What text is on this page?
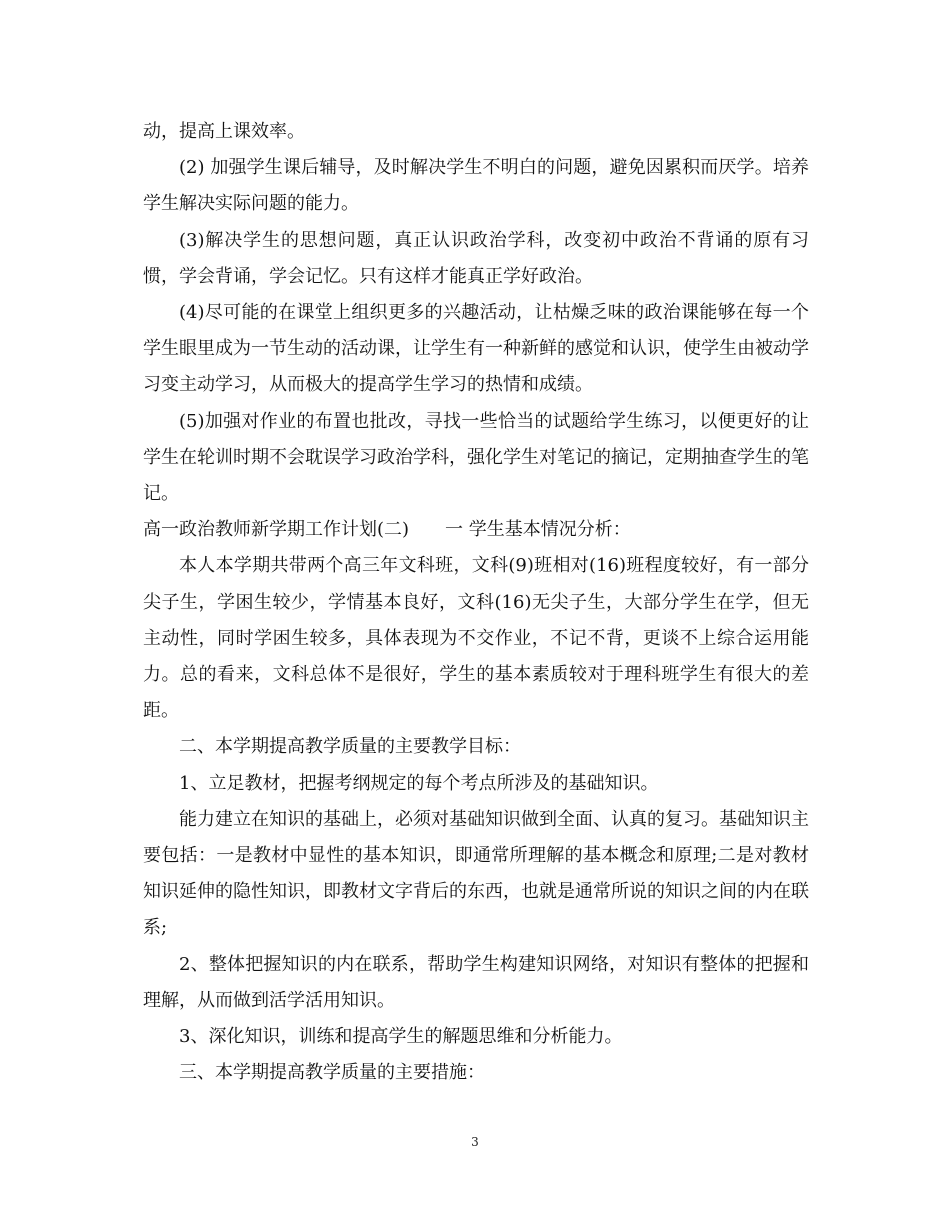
动，提高上课效率。

(2) 加强学生课后辅导，及时解决学生不明白的问题，避免因累积而厌学。培养学生解决实际问题的能力。

(3)解决学生的思想问题，真正认识政治学科，改变初中政治不背诵的原有习惯，学会背诵，学会记忆。只有这样才能真正学好政治。

(4)尽可能的在课堂上组织更多的兴趣活动，让枯燥乏味的政治课能够在每一个学生眼里成为一节生动的活动课，让学生有一种新鲜的感觉和认识，使学生由被动学习变主动学习，从而极大的提高学生学习的热情和成绩。

(5)加强对作业的布置也批改，寻找一些恰当的试题给学生练习，以便更好的让学生在轮训时期不会耽误学习政治学科，强化学生对笔记的摘记，定期抽查学生的笔记。

高一政治教师新学期工作计划(二)　　一 学生基本情况分析：

本人本学期共带两个高三年文科班，文科(9)班相对(16)班程度较好，有一部分尖子生，学困生较少，学情基本良好，文科(16)无尖子生，大部分学生在学，但无主动性，同时学困生较多，具体表现为不交作业，不记不背，更谈不上综合运用能力。总的看来，文科总体不是很好，学生的基本素质较对于理科班学生有很大的差距。

二、本学期提高教学质量的主要教学目标：

1、立足教材，把握考纲规定的每个考点所涉及的基础知识。

能力建立在知识的基础上，必须对基础知识做到全面、认真的复习。基础知识主要包括：一是教材中显性的基本知识，即通常所理解的基本概念和原理;二是对教材知识延伸的隐性知识，即教材文字背后的东西，也就是通常所说的知识之间的内在联系;

2、整体把握知识的内在联系，帮助学生构建知识网络，对知识有整体的把握和理解，从而做到活学活用知识。

3、深化知识，训练和提高学生的解题思维和分析能力。

三、本学期提高教学质量的主要措施：

3
